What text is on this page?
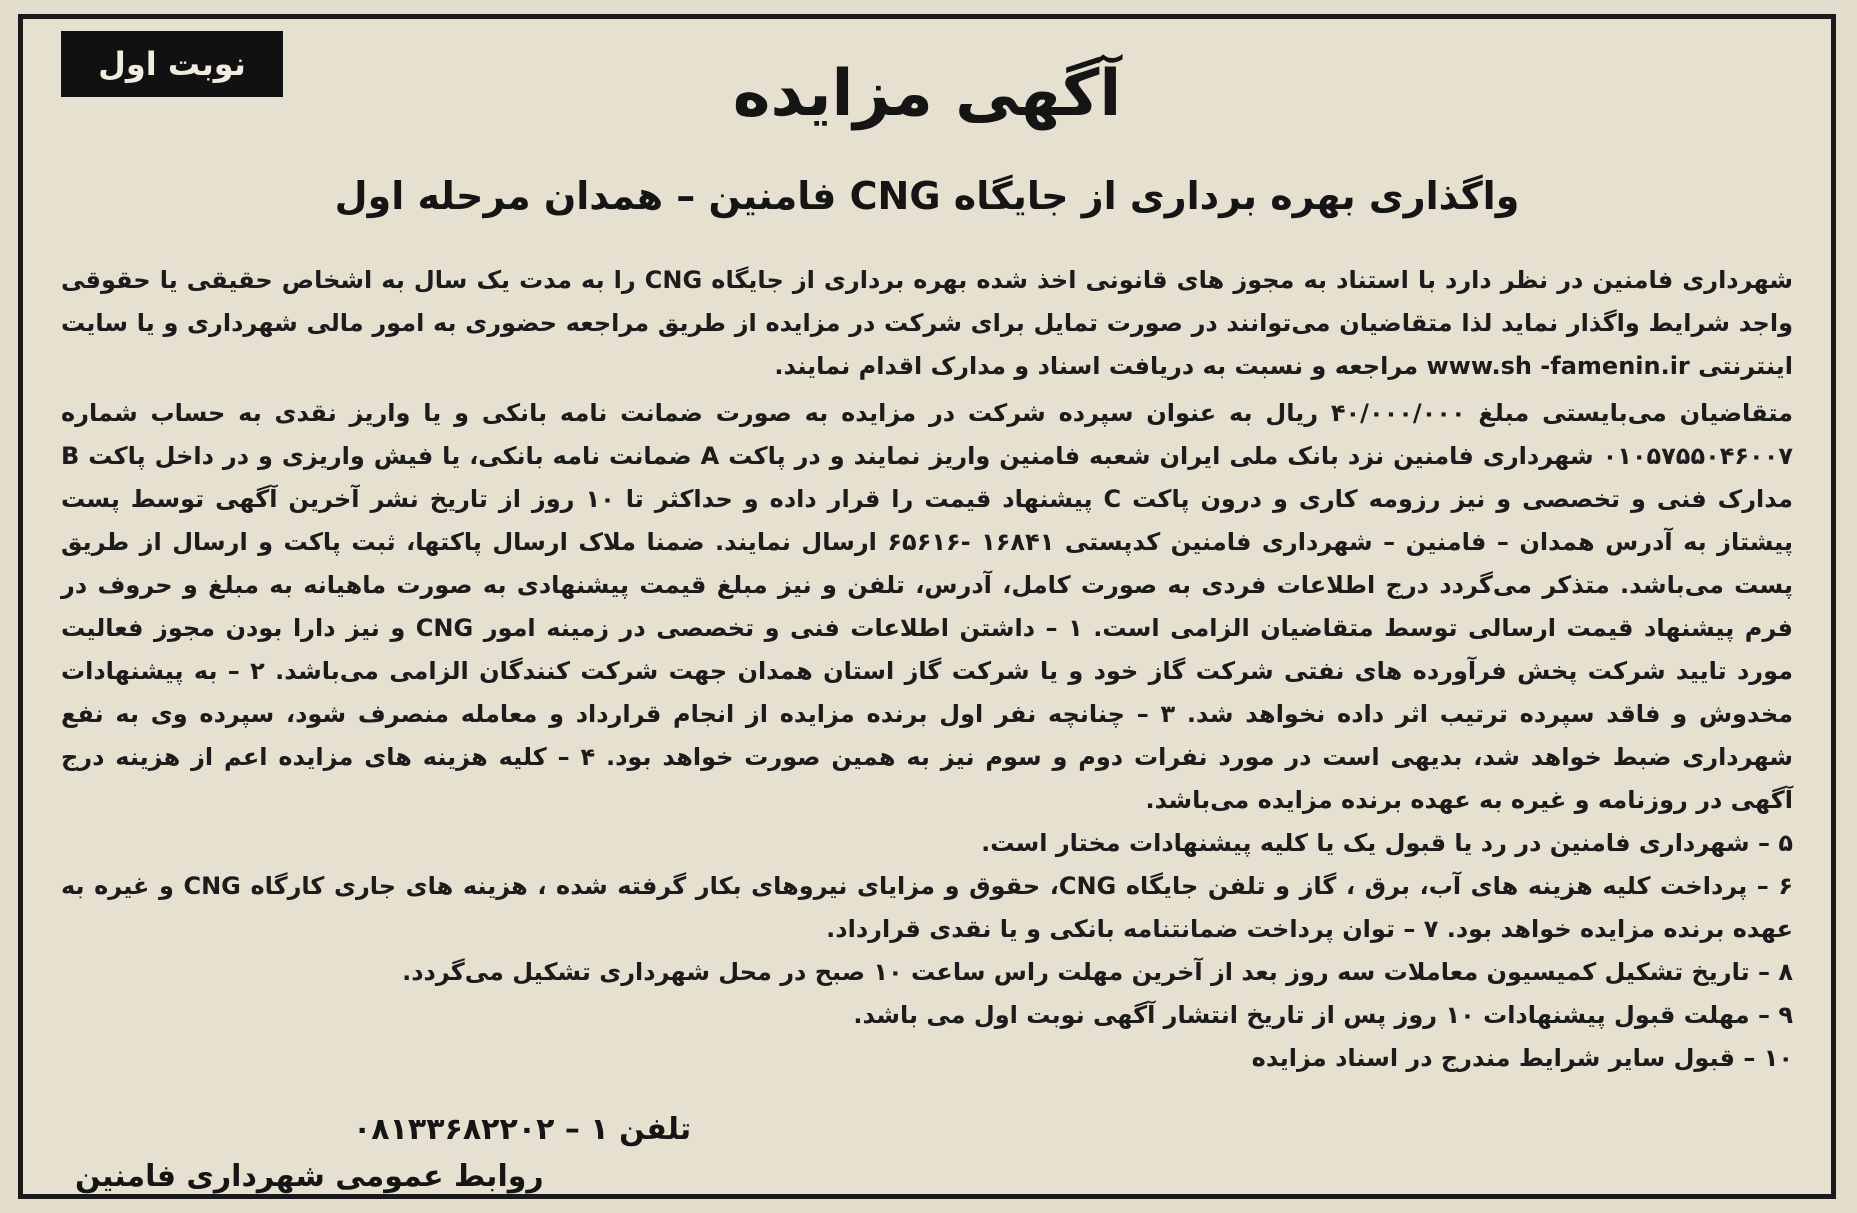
نوبت اول	آگهی مزایده
واگذاری بهره برداری از جایگاه CNG فامنین – همدان مرحله اول

شهرداری فامنین در نظر دارد با استناد به مجوز های قانونی اخذ شده بهره برداری از جایگاه CNG را به مدت یک سال به اشخاص حقیقی یا حقوقی واجد شرایط واگذار نماید لذا متقاضیان می‌توانند در صورت تمایل برای شرکت در مزایده از طریق مراجعه حضوری به امور مالی شهرداری و یا سایت اینترنتی www.sh -famenin.ir مراجعه و نسبت به دریافت اسناد و مدارک اقدام نمایند.

متقاضیان می‌بایستی مبلغ ۴۰/۰۰۰/۰۰۰ ریال به عنوان سپرده شرکت در مزایده به صورت ضمانت نامه بانکی و یا واریز نقدی به حساب شماره ۰۱۰۵۷۵۵۰۴۶۰۰۷ شهرداری فامنین نزد بانک ملی ایران شعبه فامنین واریز نمایند و در پاکت A ضمانت نامه بانکی، یا فیش واریزی و در داخل پاکت B مدارک فنی و تخصصی و نیز رزومه کاری و درون پاکت C پیشنهاد قیمت را قرار داده و حداکثر تا ۱۰ روز از تاریخ نشر آخرین آگهی توسط پست پیشتاز به آدرس همدان – فامنین – شهرداری فامنین کدپستی ۱۶۸۴۱ -۶۵۶۱۶ ارسال نمایند. ضمنا ملاک ارسال پاکتها، ثبت پاکت و ارسال از طریق پست می‌باشد. متذکر می‌گردد درج اطلاعات فردی به صورت کامل، آدرس، تلفن و نیز مبلغ قیمت پیشنهادی به صورت ماهیانه به مبلغ و حروف در فرم پیشنهاد قیمت ارسالی توسط متقاضیان الزامی است. ۱ – داشتن اطلاعات فنی و تخصصی در زمینه امور CNG و نیز دارا بودن مجوز فعالیت مورد تایید شرکت پخش فرآورده های نفتی شرکت گاز خود و یا شرکت گاز استان همدان جهت شرکت کنندگان الزامی می‌باشد. ۲ – به پیشنهادات مخدوش و فاقد سپرده ترتیب اثر داده نخواهد شد. ۳ – چنانچه نفر اول برنده مزایده از انجام قرارداد و معامله منصرف شود، سپرده وی به نفع شهرداری ضبط خواهد شد، بدیهی است در مورد نفرات دوم و سوم نیز به همین صورت خواهد بود. ۴ – کلیه هزینه های مزایده اعم از هزینه درج آگهی در روزنامه و غیره به عهده برنده مزایده می‌باشد.

۵ – شهرداری فامنین در رد یا قبول یک یا کلیه پیشنهادات مختار است.

۶ – پرداخت کلیه هزینه های آب، برق ، گاز و تلفن جایگاه CNG، حقوق و مزایای نیروهای بکار گرفته شده ، هزینه های جاری کارگاه CNG و غیره به عهده برنده مزایده خواهد بود. ۷ – توان پرداخت ضمانتنامه بانکی و یا نقدی قرارداد.

۸ – تاریخ تشکیل کمیسیون معاملات سه روز بعد از آخرین مهلت راس ساعت ۱۰ صبح در محل شهرداری تشکیل می‌گردد.

۹ – مهلت قبول پیشنهادات ۱۰ روز پس از تاریخ انتشار آگهی نوبت اول می باشد.

۱۰ – قبول سایر شرایط مندرج در اسناد مزایده

تلفن ۱ – ۰۸۱۳۳۶۸۲۲۰۲
روابط عمومی شهرداری فامنین
